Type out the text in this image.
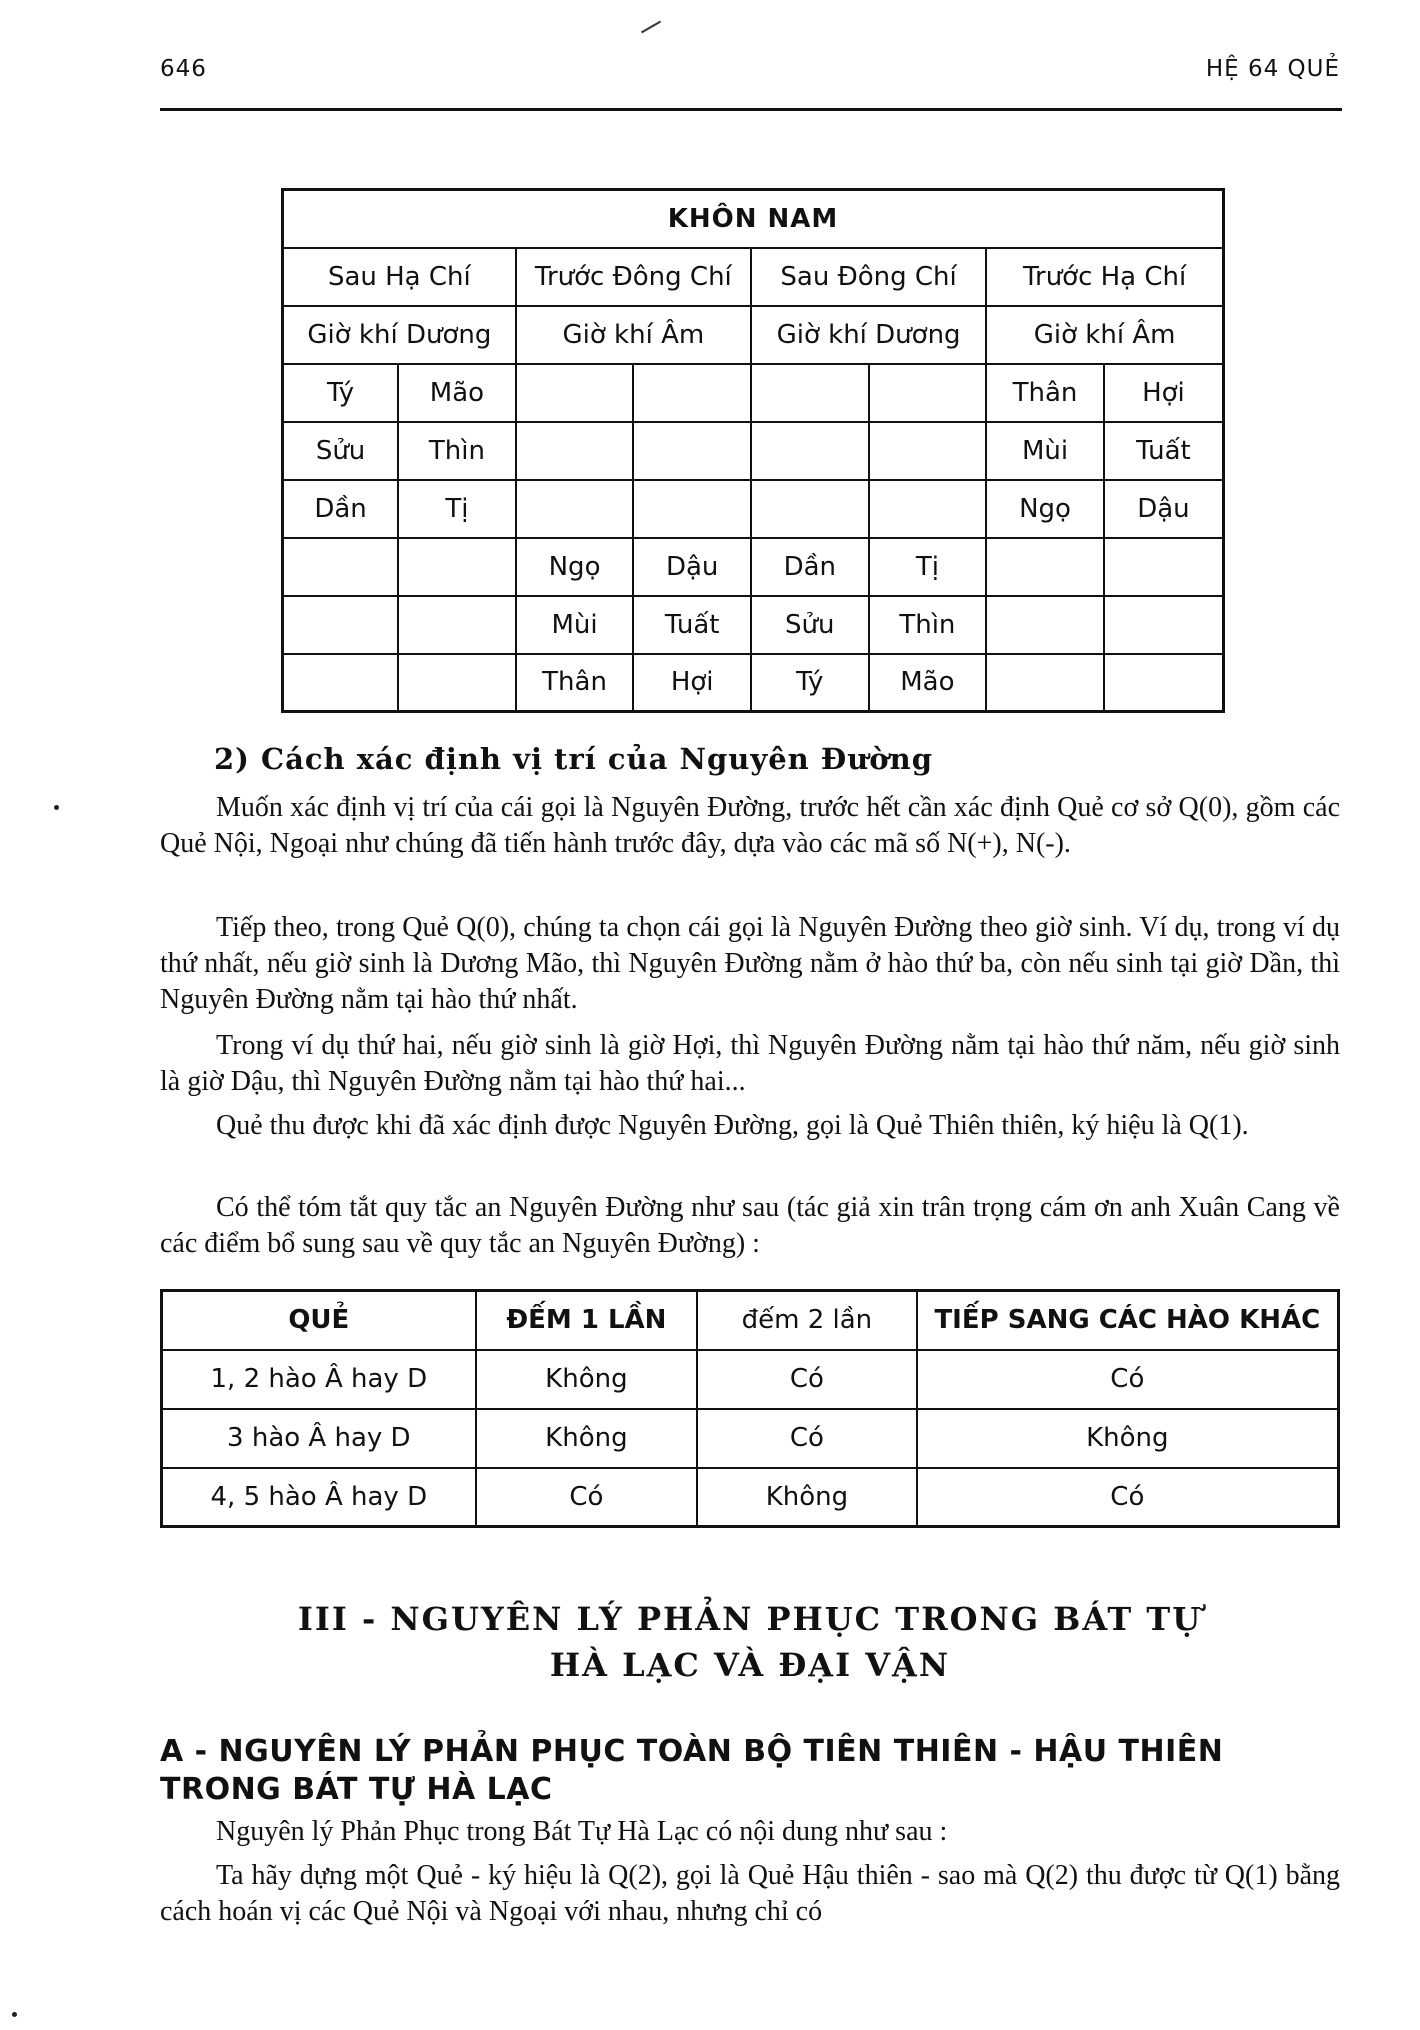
646	HỆ 64 QUẺ
KHÔN NAM							
Sau Hạ Chí		Trước Đông Chí		Sau Đông Chí		Trước Hạ Chí	
Giờ khí Dương		Giờ khí Âm		Giờ khí Dương		Giờ khí Âm	
Tý	Mão					Thân	Hợi
Sửu	Thìn					Mùi	Tuất
Dần	Tị					Ngọ	Dậu
		Ngọ	Dậu	Dần	Tị		
		Mùi	Tuất	Sửu	Thìn		
		Thân	Hợi	Tý	Mão		
2) Cách xác định vị trí của Nguyên Đường

Muốn xác định vị trí của cái gọi là Nguyên Đường, trước hết cần xác định Quẻ cơ sở Q(0), gồm các Quẻ Nội, Ngoại như chúng đã tiến hành trước đây, dựa vào các mã số N(+), N(-).

Tiếp theo, trong Quẻ Q(0), chúng ta chọn cái gọi là Nguyên Đường theo giờ sinh. Ví dụ, trong ví dụ thứ nhất, nếu giờ sinh là Dương Mão, thì Nguyên Đường nằm ở hào thứ ba, còn nếu sinh tại giờ Dần, thì Nguyên Đường nằm tại hào thứ nhất.

Trong ví dụ thứ hai, nếu giờ sinh là giờ Hợi, thì Nguyên Đường nằm tại hào thứ năm, nếu giờ sinh là giờ Dậu, thì Nguyên Đường nằm tại hào thứ hai...

Quẻ thu được khi đã xác định được Nguyên Đường, gọi là Quẻ Thiên thiên, ký hiệu là Q(1).

Có thể tóm tắt quy tắc an Nguyên Đường như sau (tác giả xin trân trọng cám ơn anh Xuân Cang về các điểm bổ sung sau về quy tắc an Nguyên Đường) :

QUẺ	ĐẾM 1 LẦN	đếm 2 lần	TIẾP SANG CÁC HÀO KHÁC
1, 2 hào Â hay D	Không	Có	Có
3 hào Â hay D	Không	Có	Không
4, 5 hào Â hay D	Có	Không	Có
III - NGUYÊN LÝ PHẢN PHỤC TRONG BÁT TỰ
HÀ LẠC VÀ ĐẠI VẬN
A - NGUYÊN LÝ PHẢN PHỤC TOÀN BỘ TIÊN THIÊN - HẬU THIÊN TRONG BÁT TỰ HÀ LẠC

Nguyên lý Phản Phục trong Bát Tự Hà Lạc có nội dung như sau :

Ta hãy dựng một Quẻ - ký hiệu là Q(2), gọi là Quẻ Hậu thiên - sao mà Q(2) thu được từ Q(1) bằng cách hoán vị các Quẻ Nội và Ngoại với nhau, nhưng chỉ có
